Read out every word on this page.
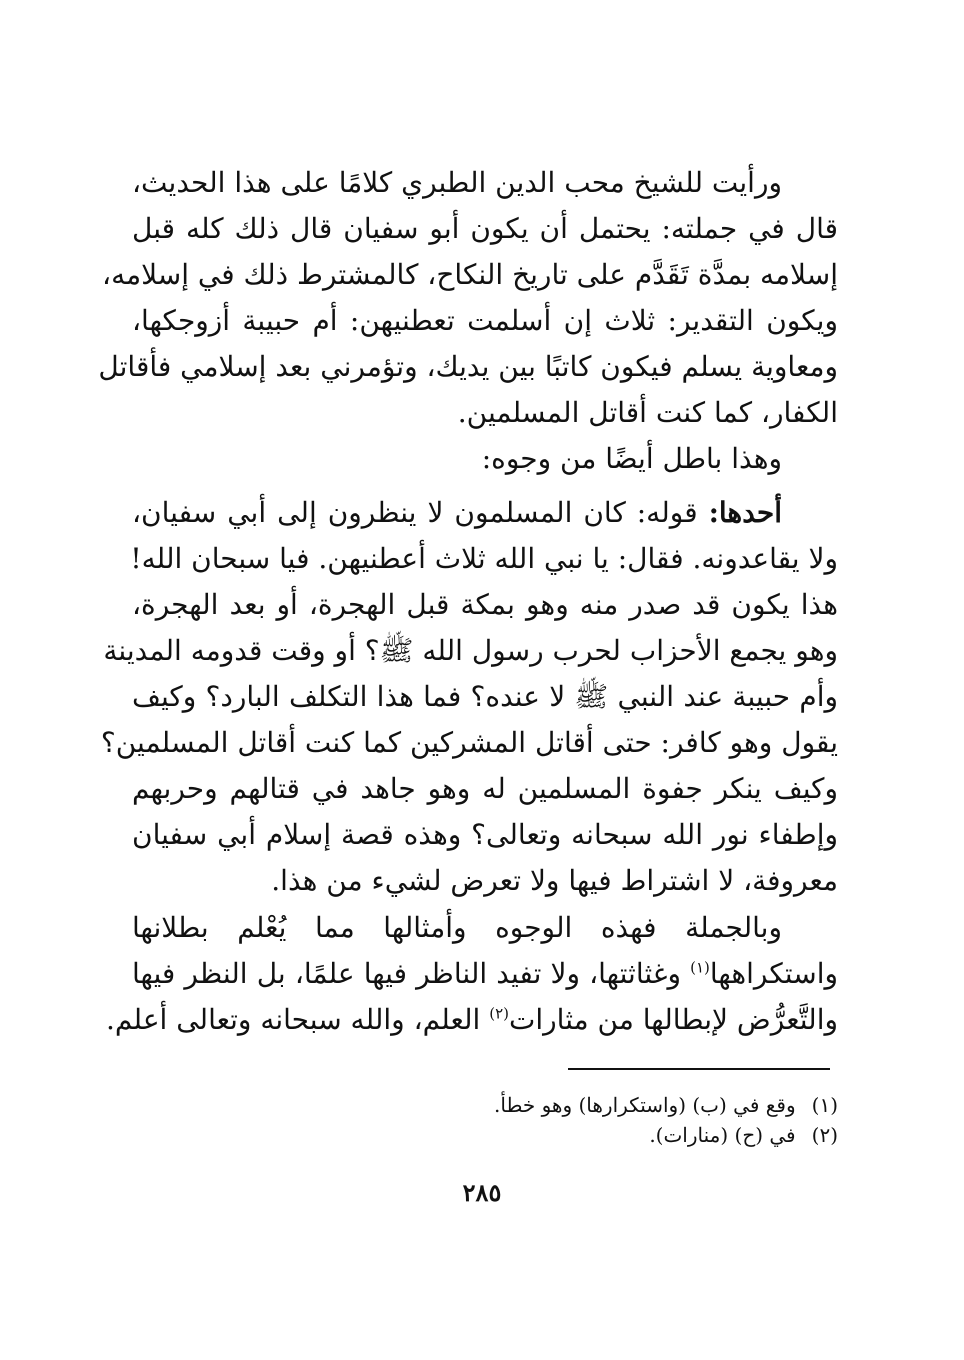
ورأيت للشيخ محب الدين الطبري كلامًا على هذا الحديث،
قال في جملته: يحتمل أن يكون أبو سفيان قال ذلك كله قبل
إسلامه بمدَّة تَقَدَّم على تاريخ النكاح، كالمشترط ذلك في إسلامه،
ويكون التقدير: ثلاث إن أسلمت تعطنيهن: أم حبيبة أزوجكها،
ومعاوية يسلم فيكون كاتبًا بين يديك، وتؤمرني بعد إسلامي فأقاتل
الكفار، كما كنت أقاتل المسلمين.

وهذا باطل أيضًا من وجوه:

أحدها: قوله: كان المسلمون لا ينظرون إلى أبي سفيان،
ولا يقاعدونه. فقال: يا نبي الله ثلاث أعطنيهن. فيا سبحان الله!
هذا يكون قد صدر منه وهو بمكة قبل الهجرة، أو بعد الهجرة،
وهو يجمع الأحزاب لحرب رسول الله ﷺ؟ أو وقت قدومه المدينة
وأم حبيبة عند النبي ﷺ لا عنده؟ فما هذا التكلف البارد؟ وكيف
يقول وهو كافر: حتى أقاتل المشركين كما كنت أقاتل المسلمين؟
وكيف ينكر جفوة المسلمين له وهو جاهد في قتالهم وحربهم
وإطفاء نور الله سبحانه وتعالى؟ وهذه قصة إسلام أبي سفيان
معروفة، لا اشتراط فيها ولا تعرض لشيء من هذا.

وبالجملة فهذه الوجوه وأمثالها مما يُعْلم بطلانها
واستكراهها$^{(١)}$ وغثاثتها، ولا تفيد الناظر فيها علمًا، بل النظر فيها
والتَّعرُّض لإبطالها من مثارات$^{(٢)}$ العلم، والله سبحانه وتعالى أعلم.

(١)وقع في (ب) (واستكرارها) وهو خطأ.
(٢)في (ح) (منارات).
٢٨٥
